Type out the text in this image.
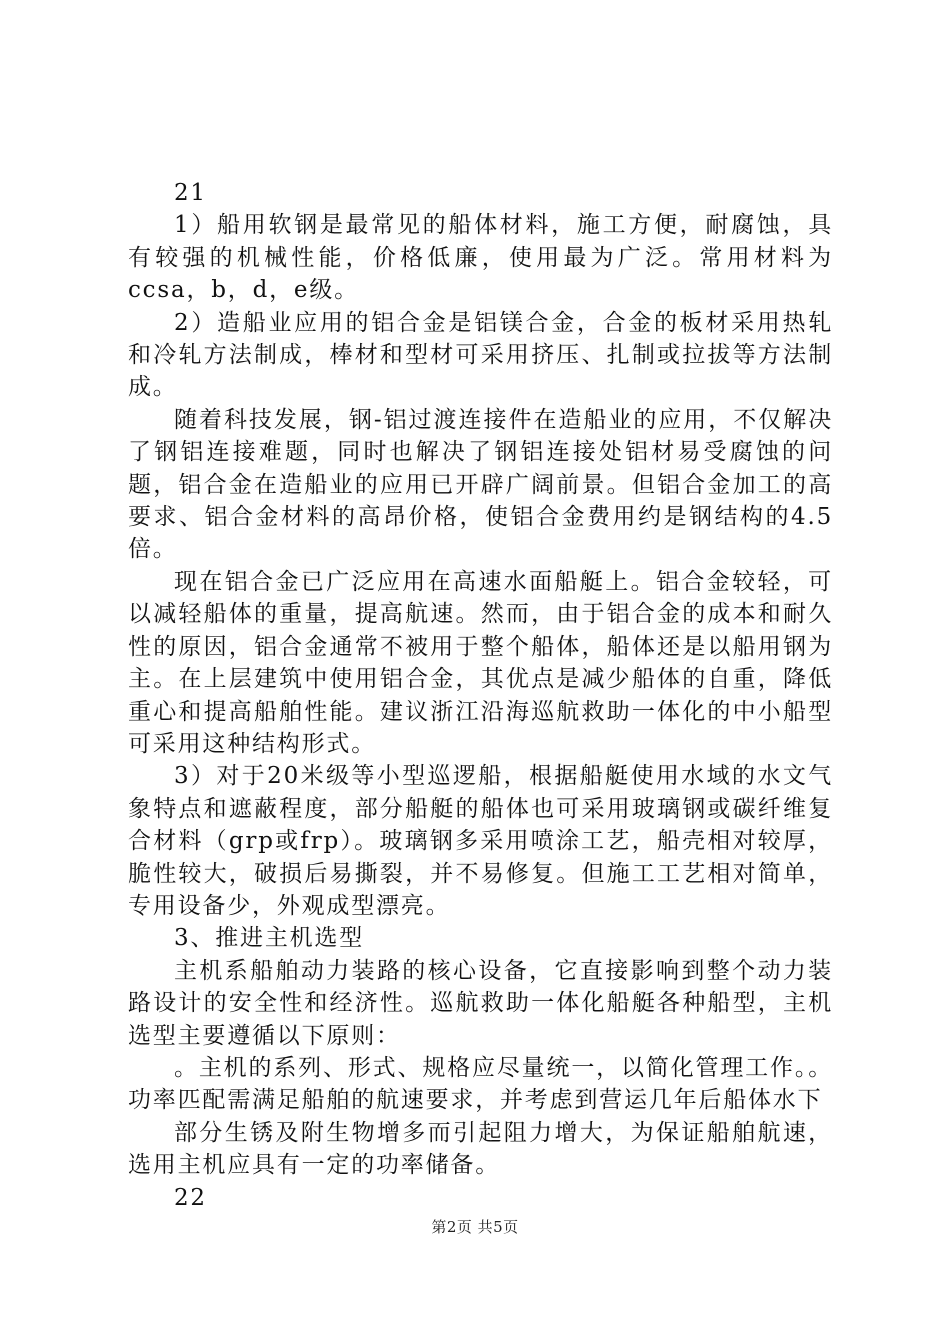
21

1）船用软钢是最常见的船体材料，施工方便，耐腐蚀，具有较强的机械性能，价格低廉，使用最为广泛。常用材料为ccsa，b，d，e级。

2）造船业应用的铝合金是铝镁合金，合金的板材采用热轧和冷轧方法制成，棒材和型材可采用挤压、扎制或拉拔等方法制成。

随着科技发展，钢-铝过渡连接件在造船业的应用，不仅解决了钢铝连接难题，同时也解决了钢铝连接处铝材易受腐蚀的问题，铝合金在造船业的应用已开辟广阔前景。但铝合金加工的高要求、铝合金材料的高昂价格，使铝合金费用约是钢结构的4.5倍。

现在铝合金已广泛应用在高速水面船艇上。铝合金较轻，可以减轻船体的重量，提高航速。然而，由于铝合金的成本和耐久性的原因，铝合金通常不被用于整个船体，船体还是以船用钢为主。在上层建筑中使用铝合金，其优点是减少船体的自重，降低重心和提高船舶性能。建议浙江沿海巡航救助一体化的中小船型可采用这种结构形式。

3）对于20米级等小型巡逻船，根据船艇使用水域的水文气象特点和遮蔽程度，部分船艇的船体也可采用玻璃钢或碳纤维复合材料（grp或frp）。玻璃钢多采用喷涂工艺，船壳相对较厚，脆性较大，破损后易撕裂，并不易修复。但施工工艺相对简单，专用设备少，外观成型漂亮。

3、推进主机选型

主机系船舶动力装路的核心设备，它直接影响到整个动力装路设计的安全性和经济性。巡航救助一体化船艇各种船型，主机选型主要遵循以下原则：

。主机的系列、形式、规格应尽量统一，以简化管理工作。。功率匹配需满足船舶的航速要求，并考虑到营运几年后船体水下

部分生锈及附生物增多而引起阻力增大，为保证船舶航速，选用主机应具有一定的功率储备。

22

第2页 共5页
